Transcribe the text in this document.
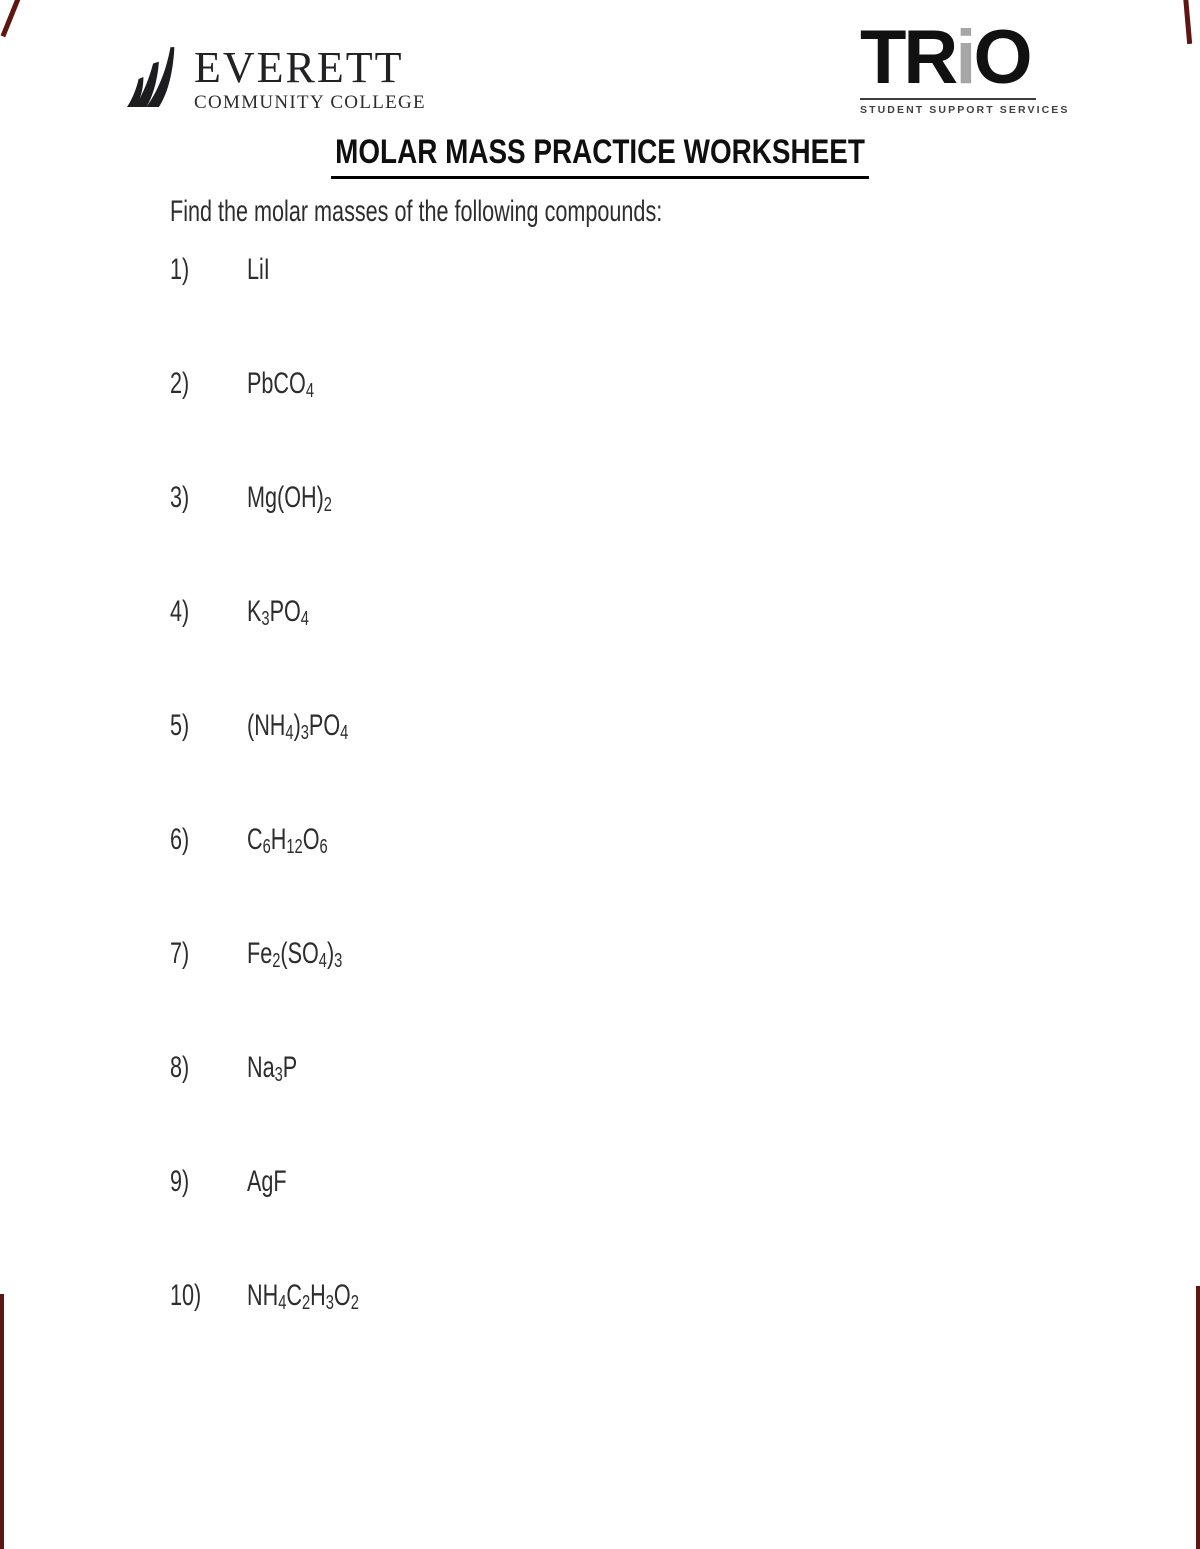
EVERETT
COMMUNITY COLLEGE
TRiO
STUDENT SUPPORT SERVICES
MOLAR MASS PRACTICE WORKSHEET
Find the molar masses of the following compounds:
1) LiI
2) PbCO$_4$
3) $Mg(OH)_2$
4) $K_3PO_4$
5) $(NH_4)_3PO_4$
6) $C_6H_{12}O_6$
7) $Fe_2(SO_4)_3$
8) $Na_3P$
9) AgF
10) $NH_4C_2H_3O_2$
